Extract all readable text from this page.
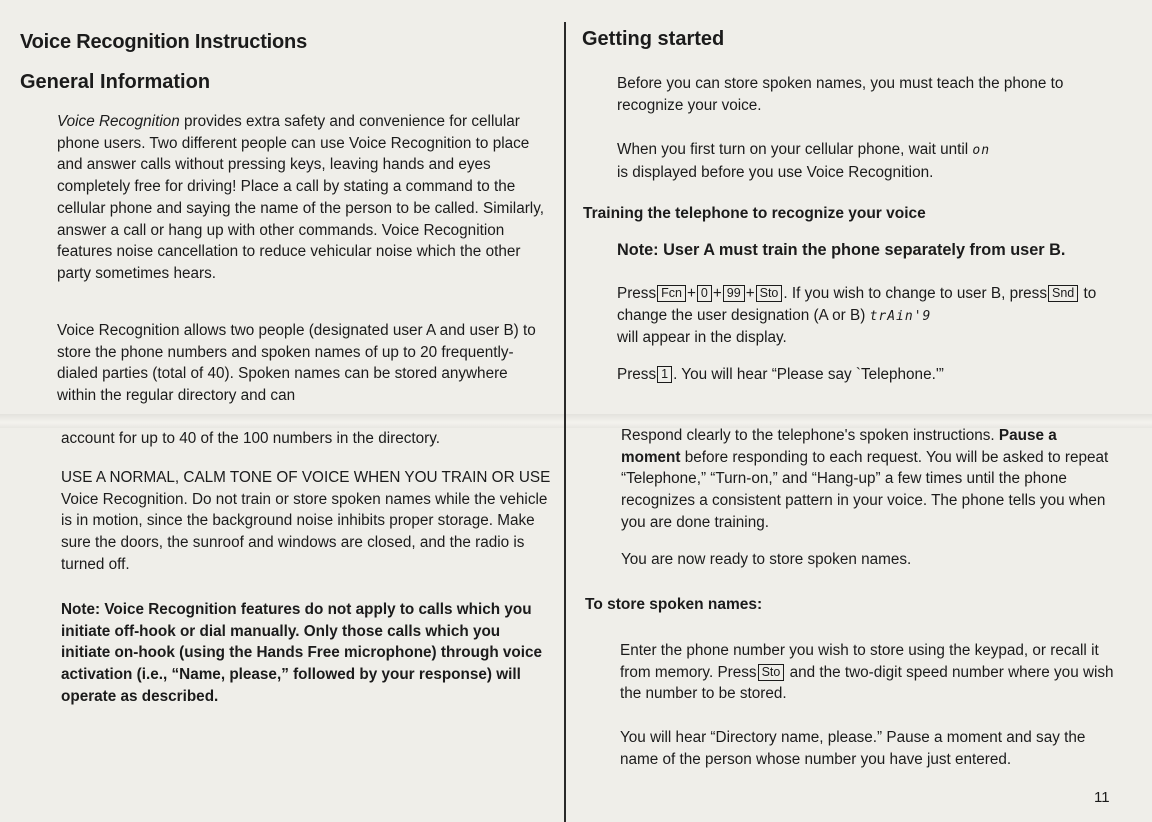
Voice Recognition Instructions
General Information

Voice Recognition provides extra safety and convenience for cellular phone users. Two different people can use Voice Recognition to place and answer calls without pressing keys, leaving hands and eyes completely free for driving! Place a call by stating a command to the cellular phone and saying the name of the person to be called. Similarly, answer a call or hang up with other commands. Voice Recognition features noise cancellation to reduce vehicular noise which the other party sometimes hears.

Voice Recognition allows two people (designated user A and user B) to store the phone numbers and spoken names of up to 20 frequently-dialed parties (total of 40). Spoken names can be stored anywhere within the regular directory and can

account for up to 40 of the 100 numbers in the directory.

USE A NORMAL, CALM TONE OF VOICE WHEN YOU TRAIN OR USE Voice Recognition. Do not train or store spoken names while the vehicle is in motion, since the background noise inhibits proper storage. Make sure the doors, the sunroof and windows are closed, and the radio is turned off.

Note: Voice Recognition features do not apply to calls which you initiate off-hook or dial manually. Only those calls which you initiate on-hook (using the Hands Free microphone) through voice activation (i.e., “Name, please,” followed by your response) will operate as described.

Getting started

Before you can store spoken names, you must teach the phone to recognize your voice.

When you first turn on your cellular phone, wait until on
is displayed before you use Voice Recognition.

Training the telephone to recognize your voice
Note: User A must train the phone separately from user B.

Press Fcn + 0 + 99 + Sto . If you wish to change to user B, press Snd to change the user designation (A or B) trAin'9
will appear in the display.

Press 1 . You will hear “Please say `Telephone.'”

Respond clearly to the telephone's spoken instructions. Pause a moment before responding to each request. You will be asked to repeat “Telephone,” “Turn-on,” and “Hang-up” a few times until the phone recognizes a consistent pattern in your voice. The phone tells you when you are done training.

You are now ready to store spoken names.

To store spoken names:

Enter the phone number you wish to store using the keypad, or recall it from memory. Press Sto and the two-digit speed number where you wish the number to be stored.

You will hear “Directory name, please.” Pause a moment and say the name of the person whose number you have just entered.

11
